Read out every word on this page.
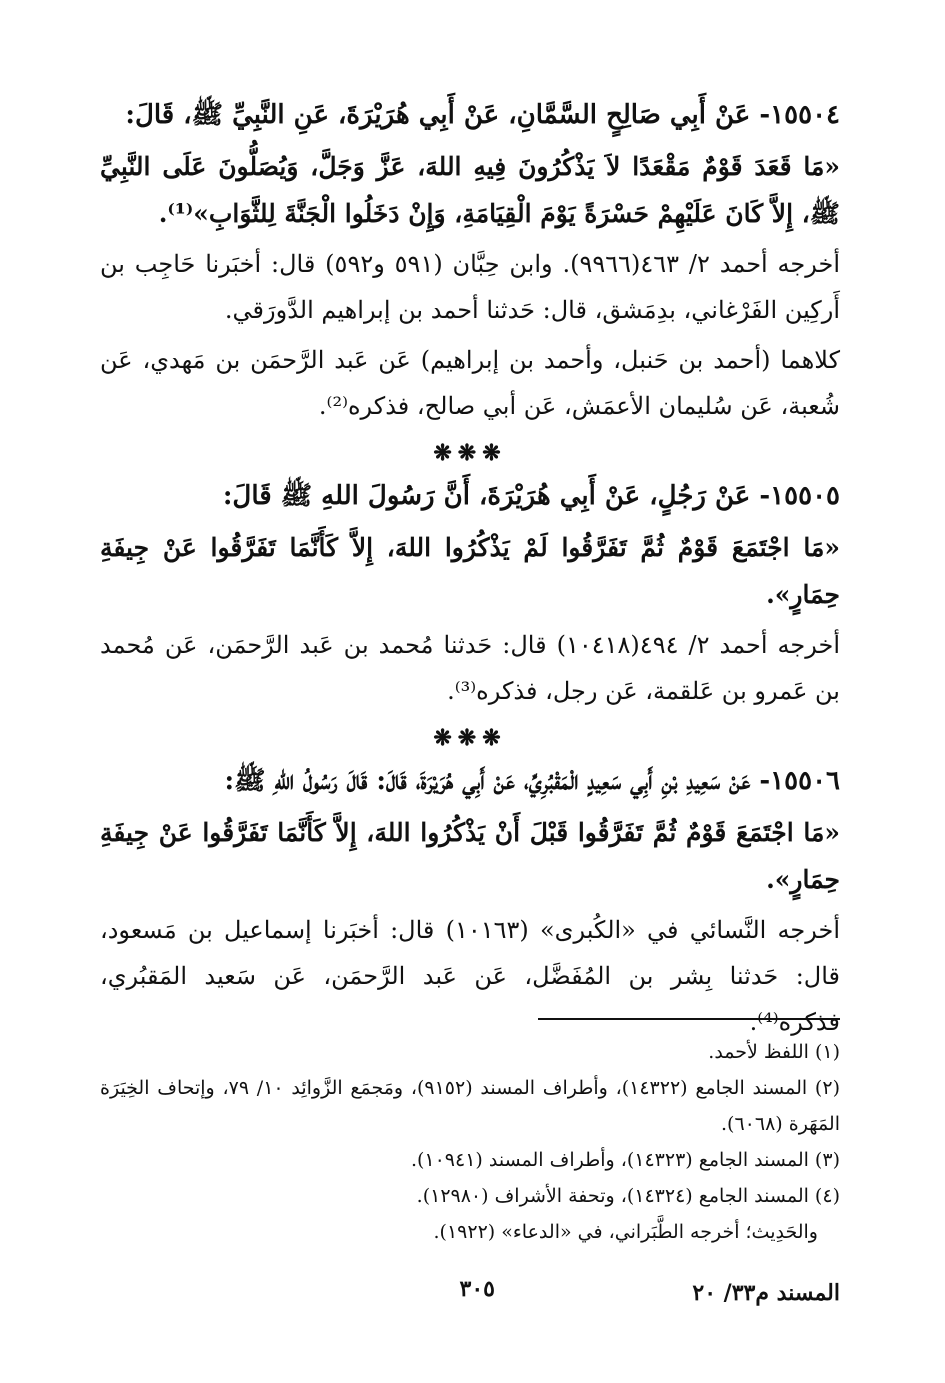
١٥٥٠٤- عَنْ أَبِي صَالِحٍ السَّمَّانِ، عَنْ أَبِي هُرَيْرَةَ، عَنِ النَّبِيِّ ﷺ، قَالَ:

«مَا قَعَدَ قَوْمٌ مَقْعَدًا لاَ يَذْكُرُونَ فِيهِ اللهَ، عَزَّ وَجَلَّ، وَيُصَلُّونَ عَلَى النَّبِيِّ ﷺ، إِلاَّ كَانَ عَلَيْهِمْ حَسْرَةً يَوْمَ الْقِيَامَةِ، وَإِنْ دَخَلُوا الْجَنَّةَ لِلثَّوَابِ»⁽¹⁾.

أخرجه أحمد ٢/ ٤٦٣(٩٩٦٦). وابن حِبَّان (٥٩١ و٥٩٢) قال: أخبَرنا حَاجِب بن أَركِين الفَرْغاني، بدِمَشق، قال: حَدثنا أحمد بن إبراهيم الدَّورَقي.

كلاهما (أحمد بن حَنبل، وأحمد بن إبراهيم) عَن عَبد الرَّحمَن بن مَهدي، عَن شُعبة، عَن سُليمان الأعمَش، عَن أبي صالح، فذكره⁽²⁾.

❋❋❋

١٥٥٠٥- عَنْ رَجُلٍ، عَنْ أَبِي هُرَيْرَةَ، أَنَّ رَسُولَ اللهِ ﷺ قَالَ:

«مَا اجْتَمَعَ قَوْمٌ ثُمَّ تَفَرَّقُوا لَمْ يَذْكُرُوا اللهَ، إِلاَّ كَأَنَّمَا تَفَرَّقُوا عَنْ جِيفَةِ حِمَارٍ».

أخرجه أحمد ٢/ ٤٩٤(١٠٤١٨) قال: حَدثنا مُحمد بن عَبد الرَّحمَن، عَن مُحمد بن عَمرو بن عَلقمة، عَن رجل، فذكره⁽³⁾.

❋❋❋

١٥٥٠٦- عَنْ سَعِيدِ بْنِ أَبِي سَعِيدٍ الْمَقْبُرِيِّ، عَنْ أَبِي هُرَيْرَةَ، قَالَ: قَالَ رَسُولُ اللهِ ﷺ:

«مَا اجْتَمَعَ قَوْمٌ ثُمَّ تَفَرَّقُوا قَبْلَ أَنْ يَذْكُرُوا اللهَ، إِلاَّ كَأَنَّمَا تَفَرَّقُوا عَنْ جِيفَةِ حِمَارٍ».

أخرجه النَّسائي في «الكُبرى» (١٠١٦٣) قال: أخبَرنا إسماعيل بن مَسعود، قال: حَدثنا بِشر بن المُفَضَّل، عَن عَبد الرَّحمَن، عَن سَعيد المَقبُري، فذكره⁽⁴⁾.

(١) اللفظ لأحمد.

(٢) المسند الجامع (١٤٣٢٢)، وأطراف المسند (٩١٥٢)، ومَجمَع الزَّوائِد ١٠/ ٧٩، وإتحاف الخِيَرَة المَهَرة (٦٠٦٨).

(٣) المسند الجامع (١٤٣٢٣)، وأطراف المسند (١٠٩٤١).

(٤) المسند الجامع (١٤٣٢٤)، وتحفة الأشراف (١٢٩٨٠).

والحَدِيث؛ أخرجه الطَّبَراني، في «الدعاء» (١٩٢٢).

٣٠٥	المسند م٣٣/ ٢٠
